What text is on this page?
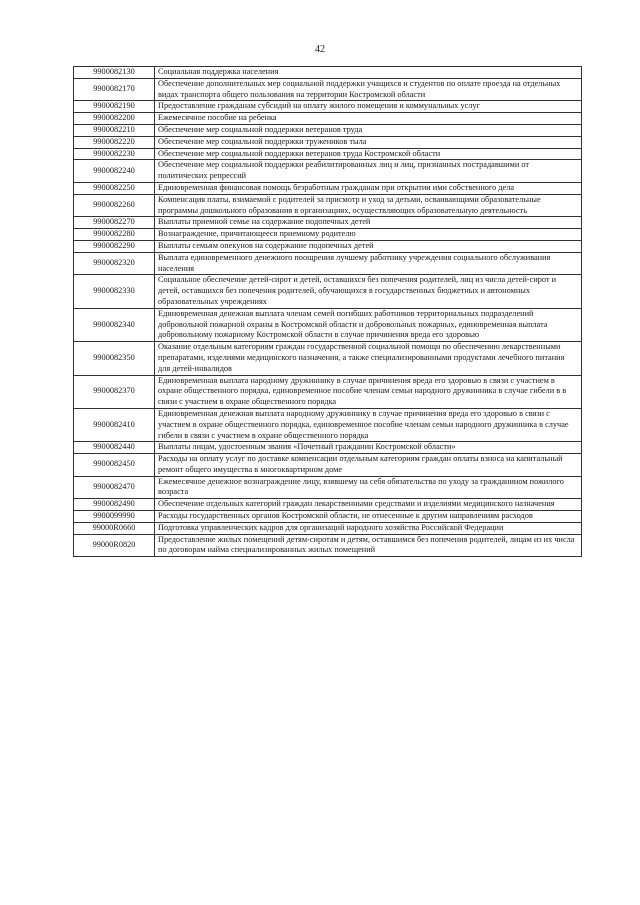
42
9900082130	Социальная поддержка населения
9900082170	Обеспечение дополнительных мер социальной поддержки учащихся и студентов по оплате проезда на отдельных видах транспорта общего пользования на территории Костромской области
9900082190	Предоставление гражданам субсидий на оплату жилого помещения и коммунальных услуг
9900082200	Ежемесячное пособие на ребенка
9900082210	Обеспечение мер социальной поддержки ветеранов труда
9900082220	Обеспечение мер социальной поддержки тружеников тыла
9900082230	Обеспечение мер социальной поддержки ветеранов труда Костромской области
9900082240	Обеспечение мер социальной поддержки реабилитированных лиц и лиц, признанных пострадавшими от политических репрессий
9900082250	Единовременная финансовая помощь безработным гражданам при открытии ими собственного дела
9900082260	Компенсация платы, взимаемой с родителей за присмотр и уход за детьми, осваивающими образовательные программы дошкольного образования в организациях, осуществляющих образовательную деятельность
9900082270	Выплаты приемной семье на содержание подопечных детей
9900082280	Вознаграждение, причитающееся приемному родителю
9900082290	Выплаты семьям опекунов на содержание подопечных детей
9900082320	Выплата единовременного денежного поощрения лучшему работнику учреждения социального обслуживания населения
9900082330	Социальное обеспечение детей-сирот и детей, оставшихся без попечения родителей, лиц из числа детей-сирот и детей, оставшихся без попечения родителей, обучающихся в государственных бюджетных и автономных образовательных учреждениях
9900082340	Единовременная денежная выплата членам семей погибших работников территориальных подразделений добровольной пожарной охраны в Костромской области и добровольных пожарных, единовременная выплата добровольному пожарному Костромской области в случае причинения вреда его здоровью
9900082350	Оказание отдельным категориям граждан государственной социальной помощи по обеспечению лекарственными препаратами, изделиями медицинского назначения, а также специализированными продуктами лечебного питания для детей-инвалидов
9900082370	Единовременная выплата народному дружиннику в случае причинения вреда его здоровью в связи с участием в охране общественного порядка, единовременное пособие членам семьи народного дружинника в случае гибели в в связи с участием в охране общественного порядка
9900082410	Единовременная денежная выплата народному дружиннику в случае причинения вреда его здоровью в связи с участием в охране общественного порядка, единовременное пособие членам семьи народного дружинника в случае гибели в связи с участием в охране общественного порядка
9900082440	Выплаты лицам, удостоенным звания «Почетный гражданин Костромской области»
9900082450	Расходы на оплату услуг по доставке компенсации отдельным категориям граждан оплаты взноса на капитальный ремонт общего имущества в многоквартирном доме
9900082470	Ежемесячное денежное вознаграждение лицу, взявшему на себя обязательства по уходу за гражданином пожилого возраста
9900082490	Обеспечение отдельных категорий граждан лекарственными средствами и изделиями медицинского назначения
9900099990	Расходы государственных органов Костромской области, не отнесенные к другим направлениям расходов
99000R0660	Подготовка управленческих кадров для организаций народного хозяйства Российской Федерации
99000R0820	Предоставление жилых помещений детям-сиротам и детям, оставшимся без попечения родителей, лицам из их числа по договорам найма специализированных жилых помещений
